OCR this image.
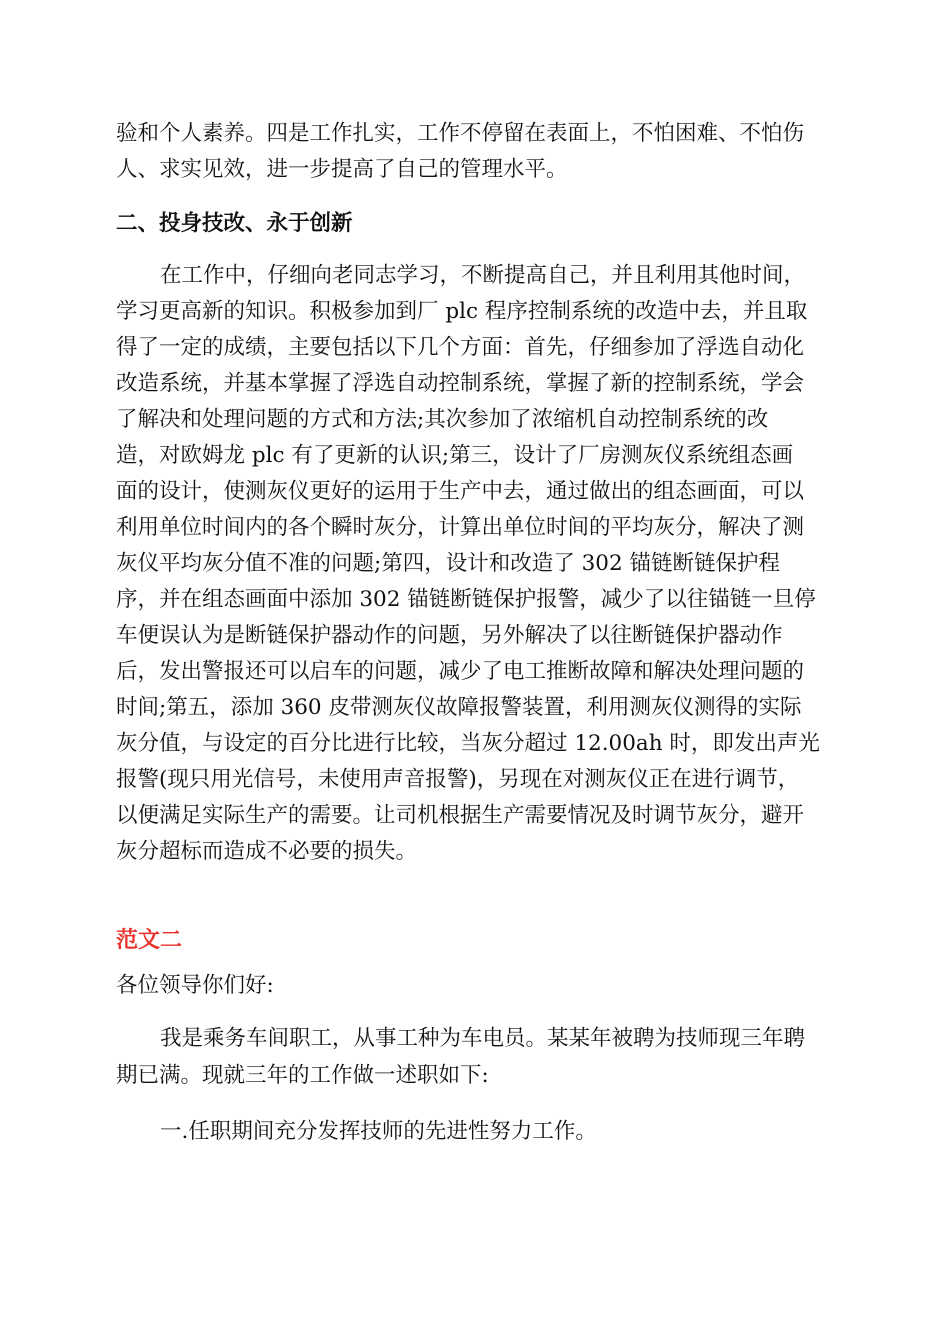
验和个人素养。四是工作扎实，工作不停留在表面上，不怕困难、不怕伤
人、求实见效，进一步提高了自己的管理水平。
二、投身技改、永于创新
在工作中，仔细向老同志学习，不断提高自己，并且利用其他时间，
学习更高新的知识。积极参加到厂 plc 程序控制系统的改造中去，并且取
得了一定的成绩，主要包括以下几个方面：首先，仔细参加了浮选自动化
改造系统，并基本掌握了浮选自动控制系统，掌握了新的控制系统，学会
了解决和处理问题的方式和方法;其次参加了浓缩机自动控制系统的改
造，对欧姆龙 plc 有了更新的认识;第三，设计了厂房测灰仪系统组态画
面的设计，使测灰仪更好的运用于生产中去，通过做出的组态画面，可以
利用单位时间内的各个瞬时灰分，计算出单位时间的平均灰分，解决了测
灰仪平均灰分值不准的问题;第四，设计和改造了 302 锚链断链保护程
序，并在组态画面中添加 302 锚链断链保护报警，减少了以往锚链一旦停
车便误认为是断链保护器动作的问题，另外解决了以往断链保护器动作
后，发出警报还可以启车的问题，减少了电工推断故障和解决处理问题的
时间;第五，添加 360 皮带测灰仪故障报警装置，利用测灰仪测得的实际
灰分值，与设定的百分比进行比较，当灰分超过 12.00ah 时，即发出声光
报警(现只用光信号，未使用声音报警)，另现在对测灰仪正在进行调节，
以便满足实际生产的需要。让司机根据生产需要情况及时调节灰分，避开
灰分超标而造成不必要的损失。
范文二
各位领导你们好:
我是乘务车间职工，从事工种为车电员。某某年被聘为技师现三年聘
期已满。现就三年的工作做一述职如下:
一.任职期间充分发挥技师的先进性努力工作。
